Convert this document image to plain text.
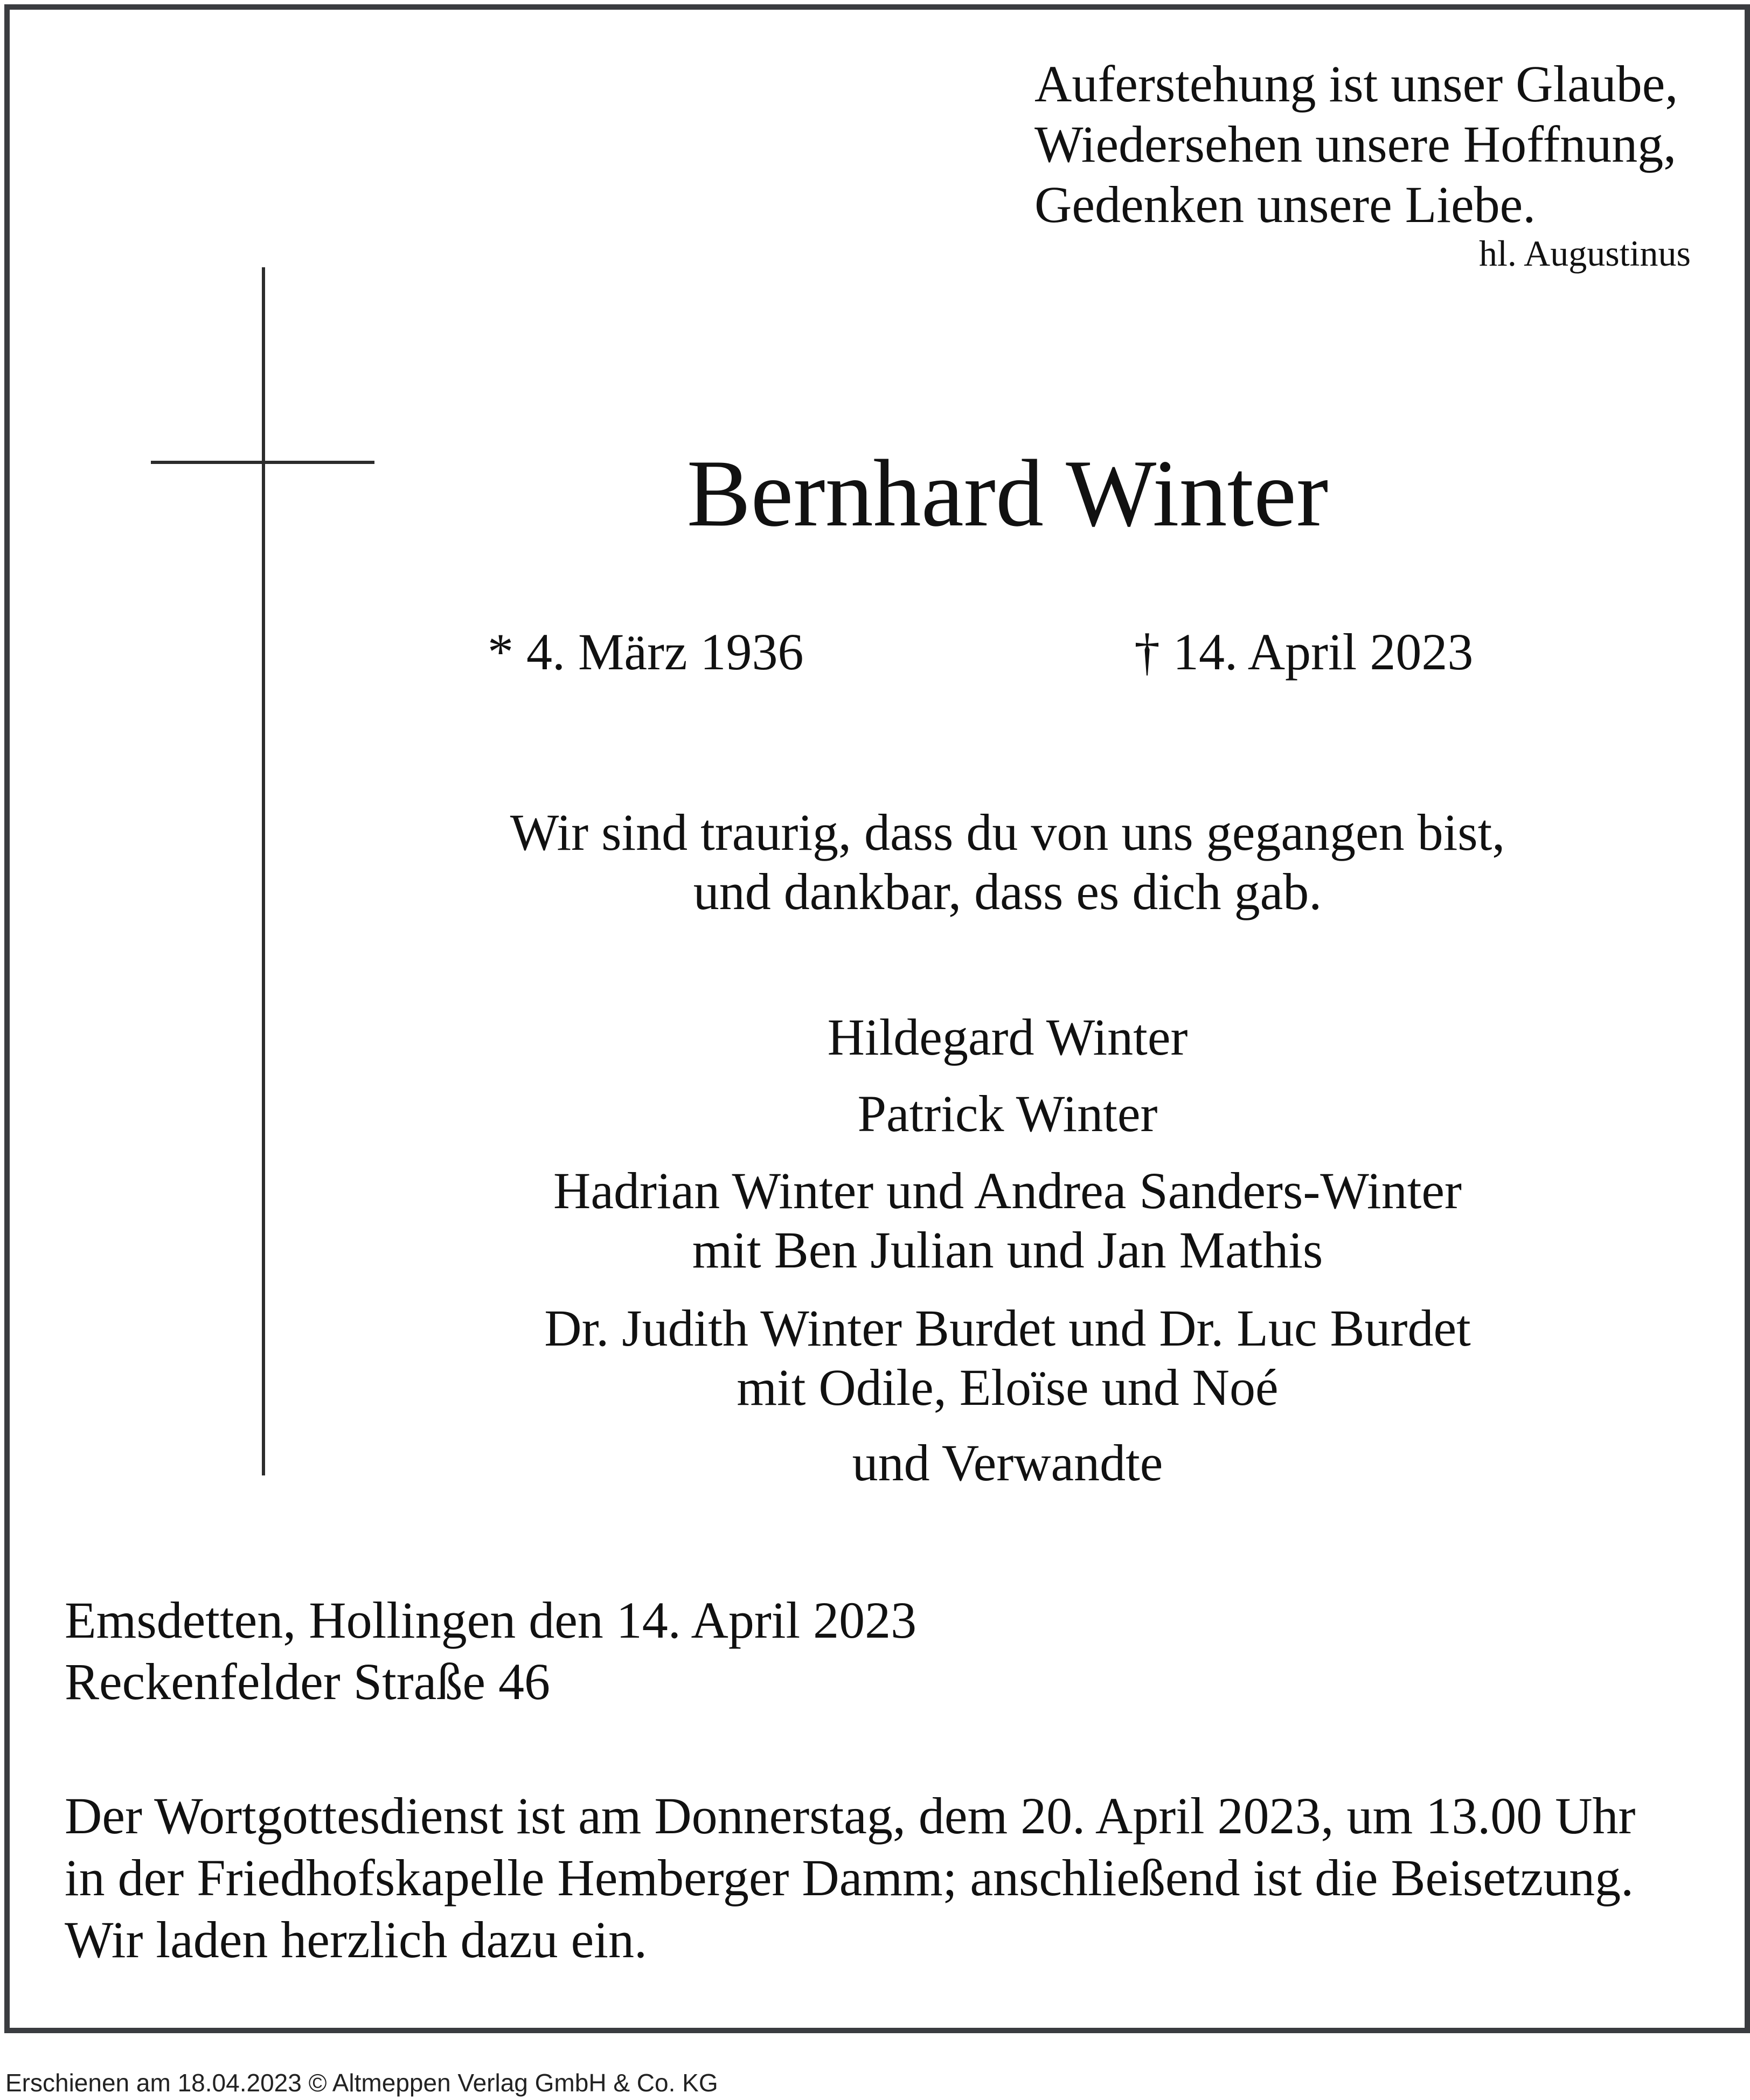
Auferstehung ist unser Glaube,
Wiedersehen unsere Hoffnung,
Gedenken unsere Liebe.
hl. Augustinus
Bernhard Winter
* 4. März 1936	† 14. April 2023
Wir sind traurig, dass du von uns gegangen bist,
und dankbar, dass es dich gab.
Hildegard Winter
Patrick Winter
Hadrian Winter und Andrea Sanders-Winter
mit Ben Julian und Jan Mathis
Dr. Judith Winter Burdet und Dr. Luc Burdet
mit Odile, Eloïse und Noé
und Verwandte
Emsdetten, Hollingen den 14. April 2023
Reckenfelder Straße 46
Der Wortgottesdienst ist am Donnerstag, dem 20. April 2023, um 13.00 Uhr
in der Friedhofskapelle Hemberger Damm; anschließend ist die Beisetzung.
Wir laden herzlich dazu ein.
Erschienen am 18.04.2023 © Altmeppen Verlag GmbH & Co. KG
